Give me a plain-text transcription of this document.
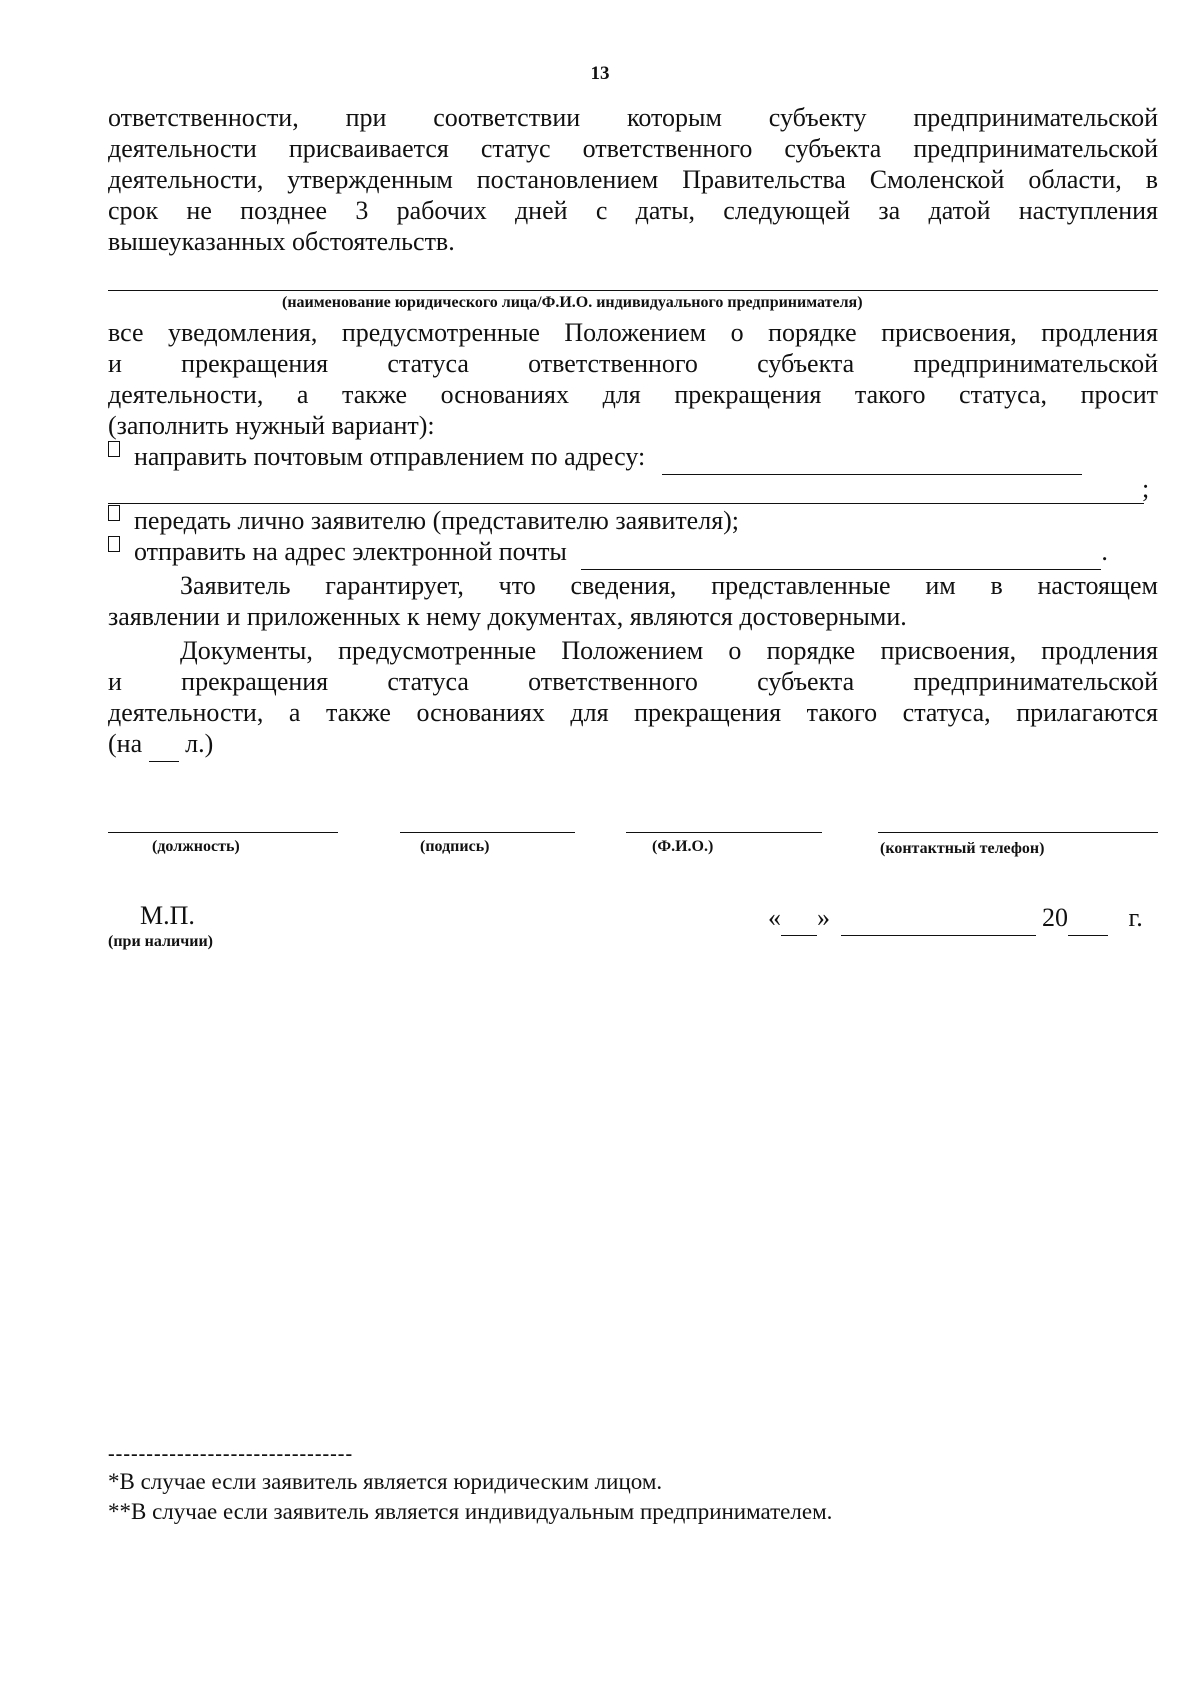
13
ответственности, при соответствии которым субъекту предпринимательской
деятельности присваивается статус ответственного субъекта предпринимательской
деятельности, утвержденным постановлением Правительства Смоленской области, в
срок не позднее 3 рабочих дней с даты, следующей за датой наступления
вышеуказанных обстоятельств.
(наименование юридического лица/Ф.И.О. индивидуального предпринимателя)
все уведомления, предусмотренные Положением о порядке присвоения, продления
и прекращения статуса ответственного субъекта предпринимательской
деятельности, а также основаниях для прекращения такого статуса, просит
(заполнить нужный вариант):
направить почтовым отправлением по адресу:
;
передать лично заявителю (представителю заявителя);
отправить на адрес электронной почты	.
Заявитель гарантирует, что сведения, представленные им в настоящем
заявлении и приложенных к нему документах, являются достоверными.
Документы, предусмотренные Положением о порядке присвоения, продления
и прекращения статуса ответственного субъекта предпринимательской
деятельности, а также основаниях для прекращения такого статуса, прилагаются
(на л.)
(должность)	(подпись)	(Ф.И.О.)	(контактный телефон)
М.П.
(при наличии)
« »	20 г.
--------------------------------
*В случае если заявитель является юридическим лицом.
**В случае если заявитель является индивидуальным предпринимателем.
